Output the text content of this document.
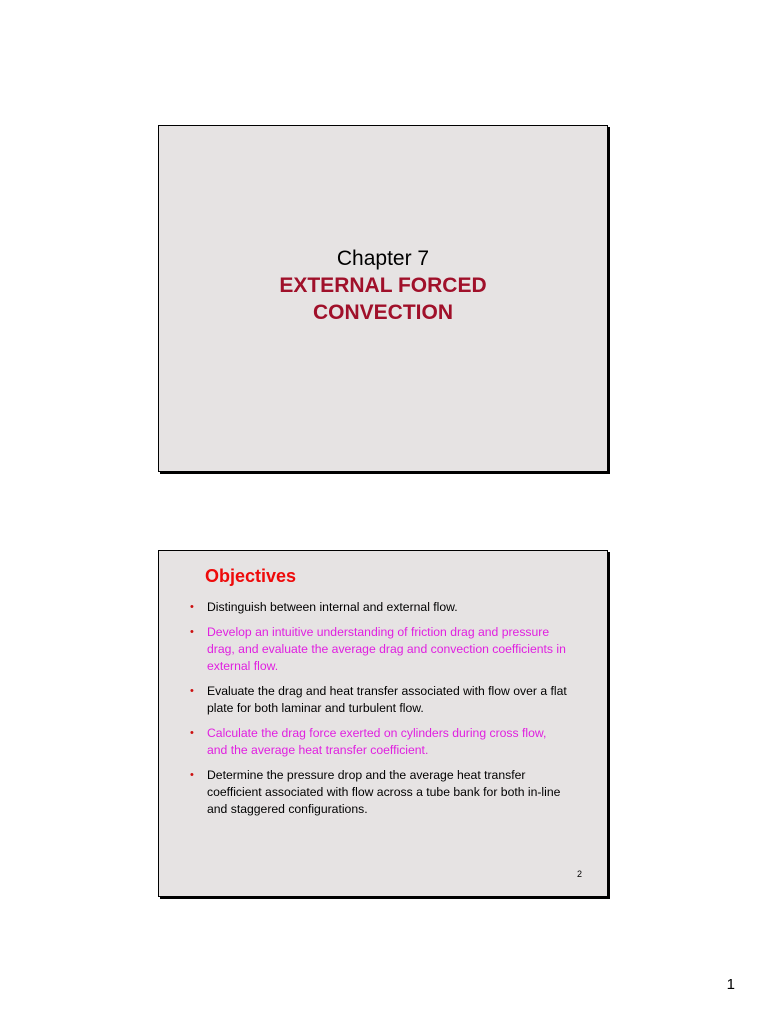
Chapter 7

EXTERNAL FORCED

CONVECTION

Objectives

• Distinguish between internal and external flow.
• Develop an intuitive understanding of friction drag and pressure drag, and evaluate the average drag and convection coefficients in external flow.
• Evaluate the drag and heat transfer associated with flow over a flat plate for both laminar and turbulent flow.
• Calculate the drag force exerted on cylinders during cross flow, and the average heat transfer coefficient.
• Determine the pressure drop and the average heat transfer coefficient associated with flow across a tube bank for both in-line and staggered configurations.
2
1
